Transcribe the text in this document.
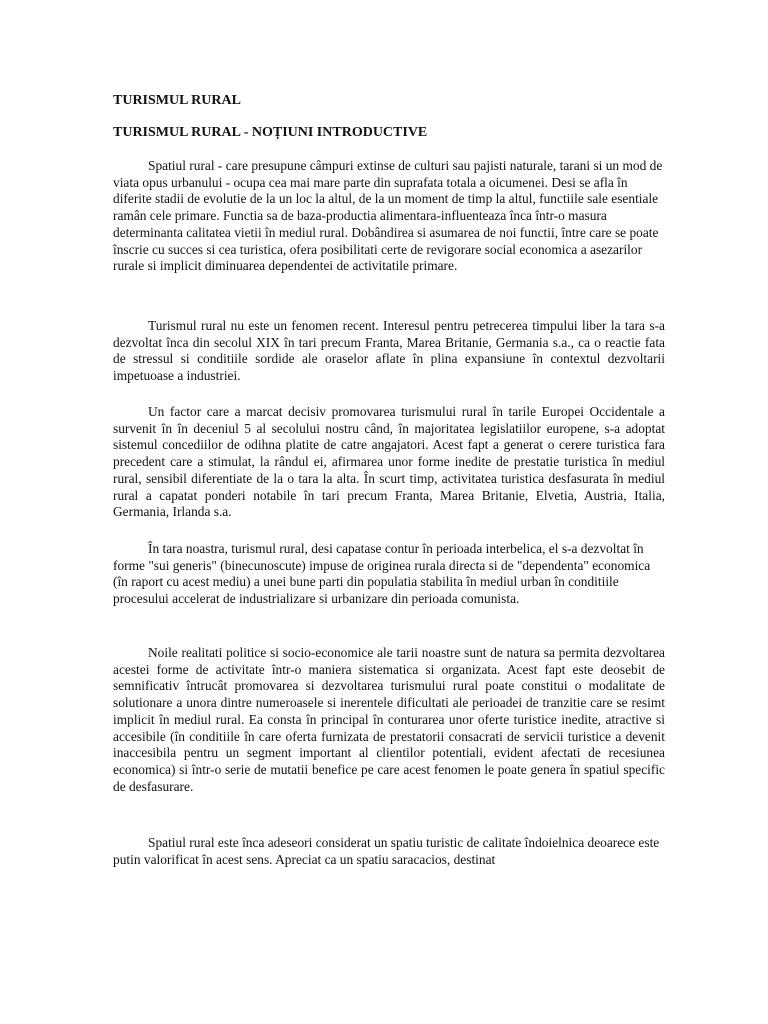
TURISMUL RURAL
TURISMUL RURAL - NOȚIUNI INTRODUCTIVE

Spatiul rural - care presupune câmpuri extinse de culturi sau pajisti naturale, tarani si un mod de viata opus urbanului - ocupa cea mai mare parte din suprafata totala a oicumenei. Desi se afla în diferite stadii de evolutie de la un loc la altul, de la un moment de timp la altul, functiile sale esentiale ramân cele primare. Functia sa de baza-productia alimentara-influenteaza înca într-o masura determinanta calitatea vietii în mediul rural. Dobândirea si asumarea de noi functii, între care se poate înscrie cu succes si cea turistica, ofera posibilitati certe de revigorare social economica a asezarilor rurale si implicit diminuarea dependentei de activitatile primare.

Turismul rural nu este un fenomen recent. Interesul pentru petrecerea timpului liber la tara s-a dezvoltat înca din secolul XIX în tari precum Franta, Marea Britanie, Germania s.a., ca o reactie fata de stressul si conditiile sordide ale oraselor aflate în plina expansiune în contextul dezvoltarii impetuoase a industriei.

Un factor care a marcat decisiv promovarea turismului rural în tarile Europei Occidentale a survenit în în deceniul 5 al secolului nostru când, în majoritatea legislatiilor europene, s-a adoptat sistemul concediilor de odihna platite de catre angajatori. Acest fapt a generat o cerere turistica fara precedent care a stimulat, la rândul ei, afirmarea unor forme inedite de prestatie turistica în mediul rural, sensibil diferentiate de la o tara la alta. În scurt timp, activitatea turistica desfasurata în mediul rural a capatat ponderi notabile în tari precum Franta, Marea Britanie, Elvetia, Austria, Italia, Germania, Irlanda s.a.

În tara noastra, turismul rural, desi capatase contur în perioada interbelica, el s-a dezvoltat în forme "sui generis" (binecunoscute) impuse de originea rurala directa si de "dependenta" economica (în raport cu acest mediu) a unei bune parti din populatia stabilita în mediul urban în conditiile procesului accelerat de industrializare si urbanizare din perioada comunista.

Noile realitati politice si socio-economice ale tarii noastre sunt de natura sa permita dezvoltarea acestei forme de activitate într-o maniera sistematica si organizata. Acest fapt este deosebit de semnificativ întrucât promovarea si dezvoltarea turismului rural poate constitui o modalitate de solutionare a unora dintre numeroasele si inerentele dificultati ale perioadei de tranzitie care se resimt implicit în mediul rural. Ea consta în principal în conturarea unor oferte turistice inedite, atractive si accesibile (în conditiile în care oferta furnizata de prestatorii consacrati de servicii turistice a devenit inaccesibila pentru un segment important al clientilor potentiali, evident afectati de recesiunea economica) si într-o serie de mutatii benefice pe care acest fenomen le poate genera în spatiul specific de desfasurare.

Spatiul rural este înca adeseori considerat un spatiu turistic de calitate îndoielnica deoarece este putin valorificat în acest sens. Apreciat ca un spatiu saracacios, destinat
